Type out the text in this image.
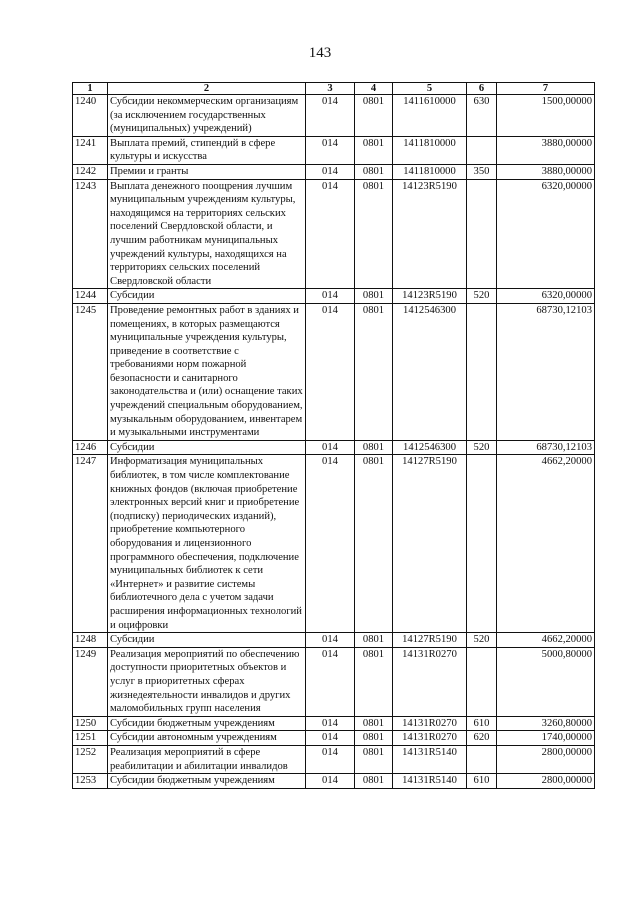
143
1	2	3	4	5	6	7
1240	Субсидии некоммерческим организациям (за исключением государственных (муниципальных) учреждений)	014	0801	1411610000	630	1500,00000
1241	Выплата премий, стипендий в сфере культуры и искусства	014	0801	1411810000		3880,00000
1242	Премии и гранты	014	0801	1411810000	350	3880,00000
1243	Выплата денежного поощрения лучшим муниципальным учреждениям культуры, находящимся на территориях сельских поселений Свердловской области, и лучшим работникам муниципальных учреждений культуры, находящихся на территориях сельских поселений Свердловской области	014	0801	14123R5190		6320,00000
1244	Субсидии	014	0801	14123R5190	520	6320,00000
1245	Проведение ремонтных работ в зданиях и помещениях, в которых размещаются муниципальные учреждения культуры, приведение в соответствие с требованиями норм пожарной безопасности и санитарного законодательства и (или) оснащение таких учреждений специальным оборудованием, музыкальным оборудованием, инвентарем и музыкальными инструментами	014	0801	1412546300		68730,12103
1246	Субсидии	014	0801	1412546300	520	68730,12103
1247	Информатизация муниципальных библиотек, в том числе комплектование книжных фондов (включая приобретение электронных версий книг и приобретение (подписку) периодических изданий), приобретение компьютерного оборудования и лицензионного программного обеспечения, подключение муниципальных библиотек к сети «Интернет» и развитие системы библиотечного дела с учетом задачи расширения информационных технологий и оцифровки	014	0801	14127R5190		4662,20000
1248	Субсидии	014	0801	14127R5190	520	4662,20000
1249	Реализация мероприятий по обеспечению доступности приоритетных объектов и услуг в приоритетных сферах жизнедеятельности инвалидов и других маломобильных групп населения	014	0801	14131R0270		5000,80000
1250	Субсидии бюджетным учреждениям	014	0801	14131R0270	610	3260,80000
1251	Субсидии автономным учреждениям	014	0801	14131R0270	620	1740,00000
1252	Реализация мероприятий в сфере реабилитации и абилитации инвалидов	014	0801	14131R5140		2800,00000
1253	Субсидии бюджетным учреждениям	014	0801	14131R5140	610	2800,00000
